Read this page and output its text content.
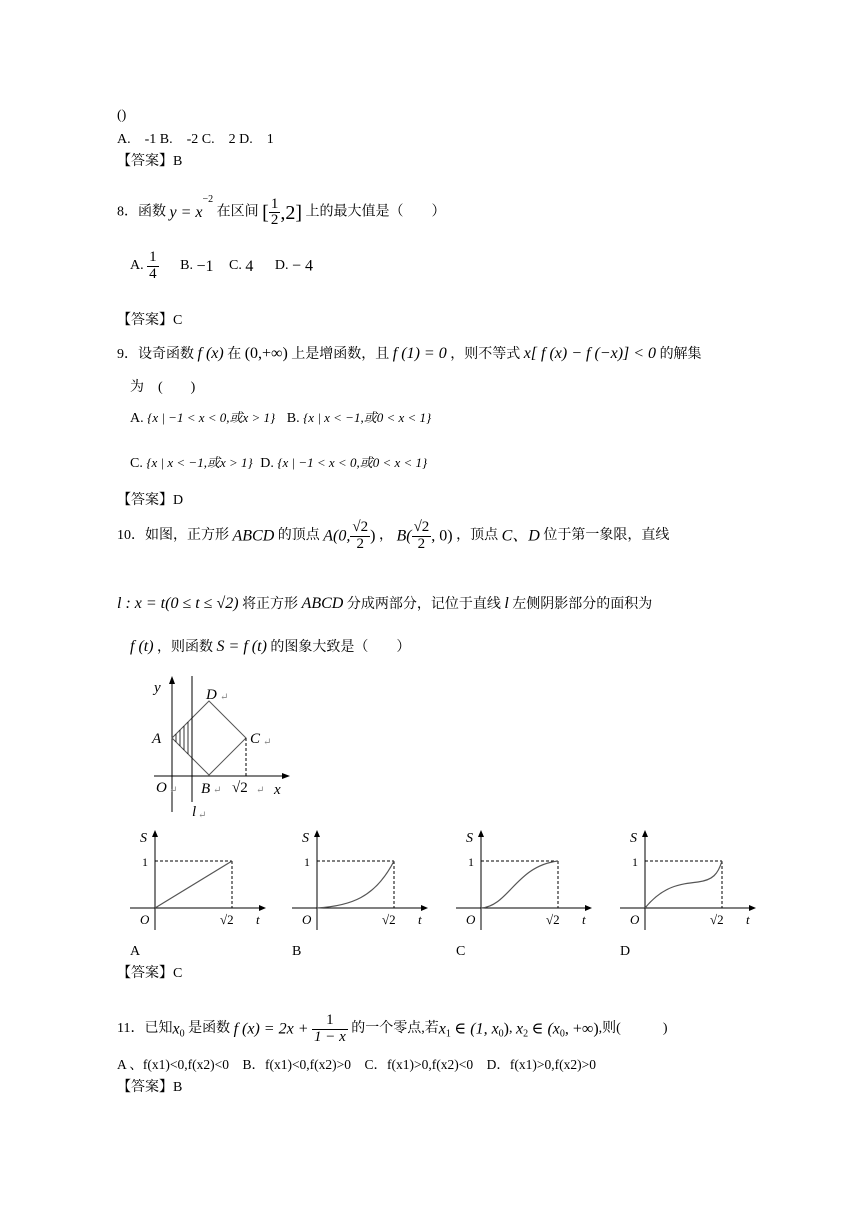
()
A.　-1 B.　-2 C.　2 D.　1
【答案】B
8．函数 $y = x^{-2}$ 在区间 [ $\frac{1}{2} ,2$] 上的最大值是（　　）
A. $\frac{1}{4} B$. −1 C. 4 D. − 4
【答案】C
9．设奇函数 f (x) 在 (0,+∞) 上是增函数，且 f (1) = 0 ，则不等式 x[ f (x) − f (−x)] < 0 的解集
为　(　　)
A. {x | −1 < x < 0,或x > 1} B. {x | x < −1,或0 < x < 1}
C. {x | x < −1,或x > 1} D. {x | −1 < x < 0,或0 < x < 1}
【答案】D
10．如图，正方形 ABCD 的顶点 A(0, $\frac{√2}{2}$ ) ， $B( \frac{√2}{2}$ , 0) ，顶点 C、D 位于第一象限，直线
l : x = t(0 ≤ t ≤ √2) 将正方形 ABCD 分成两部分，记位于直线 l 左侧阴影部分的面积为
f (t) ，则函数 S = f (t) 的图象大致是（　　）
y	D ↵
A	C ↵
O ↵ B ↵ √2 ↵ x
l ↵
S
1
O	√2 t
A
S
1
O	√2 t
B
S
1
O	√2 t
C
S
1
O	√2 t
D
【答案】C
11．已知$x_0$ 是函数 f $(x) = 2x + \frac{1}{1 - x}$ 的一个零点,若$x_1$ ∈ (1, $x_0$), $x_2$ ∈ ($x_0$, +∞),则(　　　)
A 、f(x1)<0,f(x2)<0　B．f(x1)<0,f(x2)>0　C．f(x1)>0,f(x2)<0　D．f(x1)>0,f(x2)>0
【答案】B
